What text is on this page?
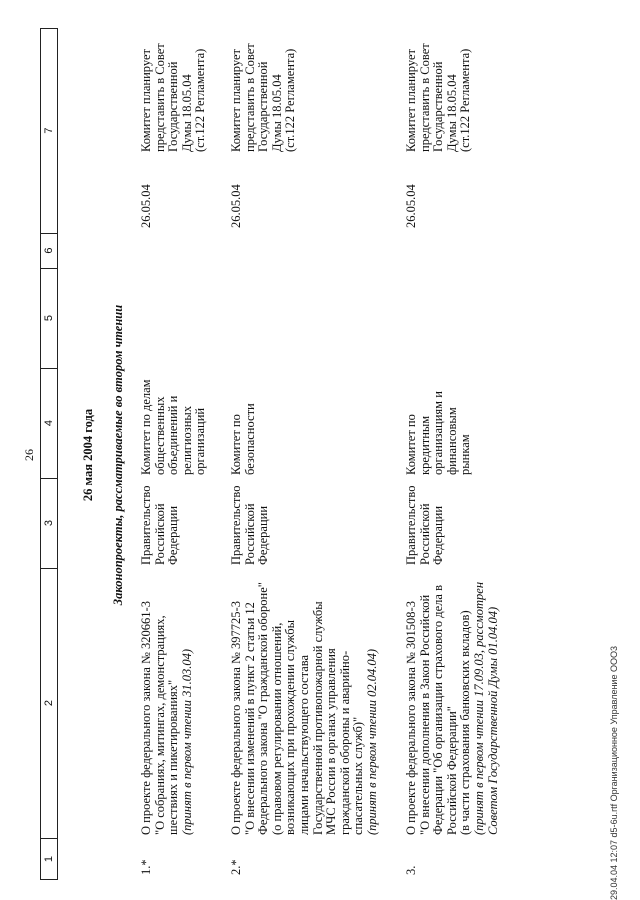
26
1
2
3
4
5
6
7
26 мая 2004 года Законопроекты, рассматриваемые во втором чтении
1.*
О проекте федерального закона № 320661-3 "О собраниях, митингах, демонстрациях, шествиях и пикетированиях" (принят в первом чтении 31.03.04)
Правительство Российской Федерации
Комитет по делам общественных объединений и религиозных организаций
26.05.04
Комитет планирует представить в Совет Государственной Думы 18.05.04 (ст.122 Регламента)
2.*
О проекте федерального закона № 397725-3 "О внесении изменений в пункт 2 статьи 12 Федерального закона "О гражданской обороне" (о правовом регулировании отношений, возникающих при прохождении службы лицами начальствующего состава Государственной противопожарной службы МЧС России в органах управления гражданской обороны и аварийно- спасательных служб)" (принят в первом чтении 02.04.04)
Правительство Российской Федерации
Комитет по безопасности
26.05.04
Комитет планирует представить в Совет Государственной Думы 18.05.04 (ст.122 Регламента)
3.
О проекте федерального закона № 301508-3 "О внесении дополнения в Закон Российской Федерации "Об организации страхового дела в Российской Федерации" (в части страхования банковских вкладов) (принят в первом чтении 17.09.03, рассмотрен Советом Государственной Думы 01.04.04)
Правительство Российской Федерации
Комитет по кредитным организациям и финансовым рынкам
26.05.04
Комитет планирует представить в Совет Государственной Думы 18.05.04 (ст.122 Регламента)
29.04.04 12:07 d5-6u.rtf Организационное Управление ООО3
